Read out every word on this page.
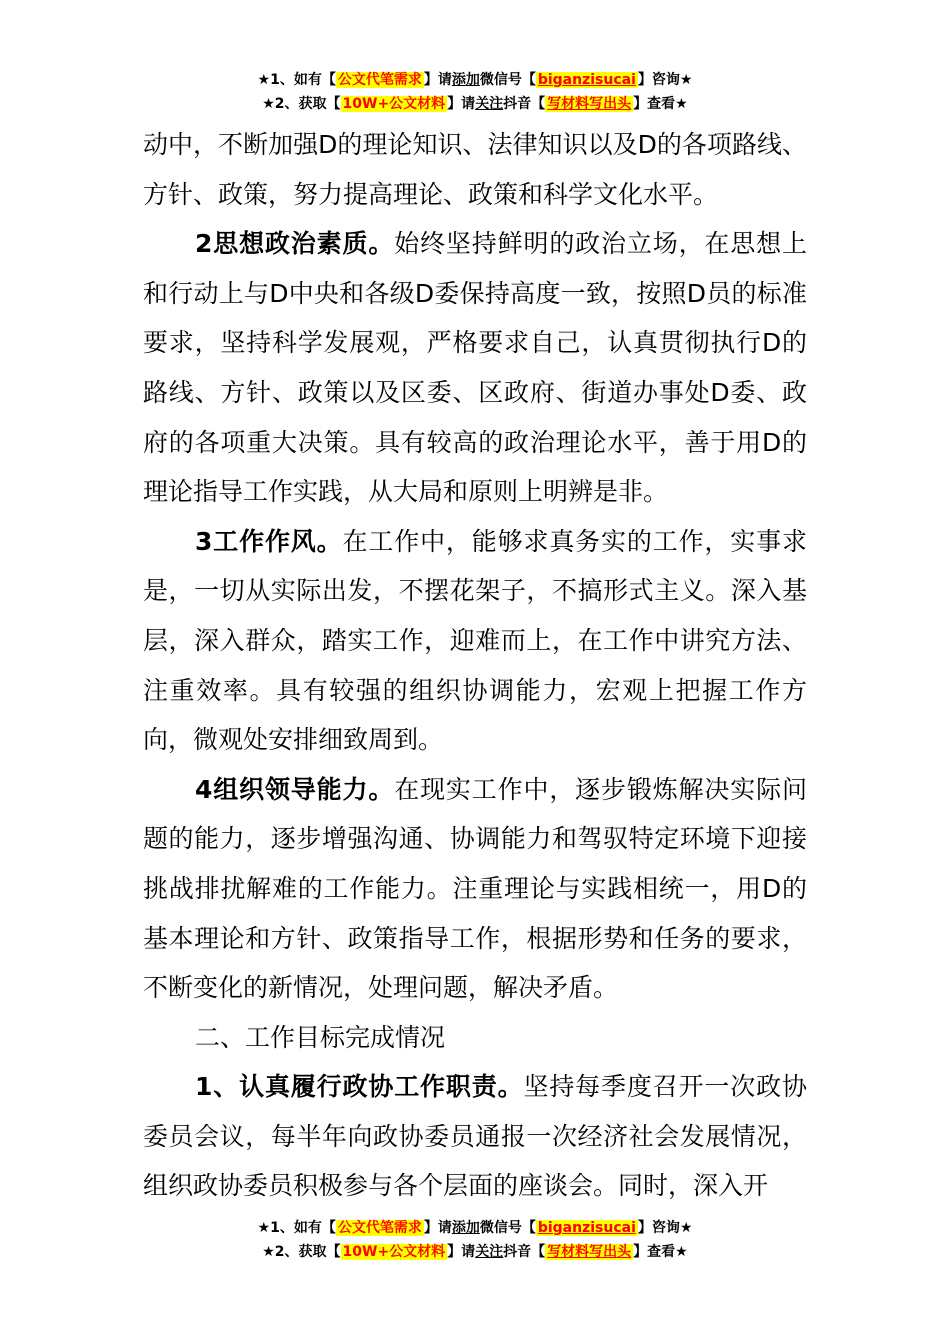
★1、如有【 公文代笔需求 】请添加微信号【 biganzisucai 】咨询★
★2、获取【 10W+公文材料 】请关注抖音【 写材料写出头 】查看★

动中，不断加强D的理论知识、法律知识以及D的各项路线、方针、政策，努力提高理论、政策和科学文化水平。

2思想政治素质。始终坚持鲜明的政治立场，在思想上和行动上与D中央和各级D委保持高度一致，按照D员的标准要求，坚持科学发展观，严格要求自己，认真贯彻执行D的路线、方针、政策以及区委、区政府、街道办事处D委、政府的各项重大决策。具有较高的政治理论水平，善于用D的理论指导工作实践，从大局和原则上明辨是非。

3工作作风。在工作中，能够求真务实的工作，实事求是，一切从实际出发，不摆花架子，不搞形式主义。深入基层，深入群众，踏实工作，迎难而上，在工作中讲究方法、注重效率。具有较强的组织协调能力，宏观上把握工作方向，微观处安排细致周到。

4组织领导能力。在现实工作中，逐步锻炼解决实际问题的能力，逐步增强沟通、协调能力和驾驭特定环境下迎接挑战排扰解难的工作能力。注重理论与实践相统一，用D的基本理论和方针、政策指导工作，根据形势和任务的要求，不断变化的新情况，处理问题，解决矛盾。

二、工作目标完成情况

1、认真履行政协工作职责。坚持每季度召开一次政协委员会议，每半年向政协委员通报一次经济社会发展情况，组织政协委员积极参与各个层面的座谈会。同时，深入开

★1、如有【 公文代笔需求 】请添加微信号【 biganzisucai 】咨询★
★2、获取【 10W+公文材料 】请关注抖音【 写材料写出头 】查看★
